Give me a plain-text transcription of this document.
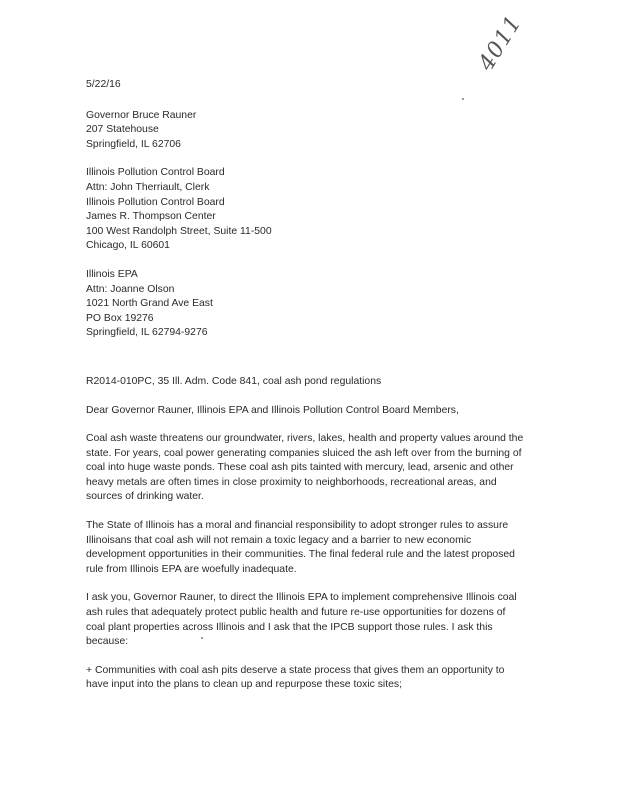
4011
5/22/16
Governor Bruce Rauner
207 Statehouse
Springfield, IL 62706
Illinois Pollution Control Board
Attn: John Therriault, Clerk
Illinois Pollution Control Board
James R. Thompson Center
100 West Randolph Street, Suite 11-500
Chicago, IL 60601
Illinois EPA
Attn: Joanne Olson
1021 North Grand Ave East
PO Box 19276
Springfield, IL 62794-9276
R2014-010PC, 35 Ill. Adm. Code 841, coal ash pond regulations
Dear Governor Rauner, Illinois EPA and Illinois Pollution Control Board Members,
Coal ash waste threatens our groundwater, rivers, lakes, health and property values around the
state. For years, coal power generating companies sluiced the ash left over from the burning of
coal into huge waste ponds. These coal ash pits tainted with mercury, lead, arsenic and other
heavy metals are often times in close proximity to neighborhoods, recreational areas, and
sources of drinking water.
The State of Illinois has a moral and financial responsibility to adopt stronger rules to assure
Illinoisans that coal ash will not remain a toxic legacy and a barrier to new economic
development opportunities in their communities. The final federal rule and the latest proposed
rule from Illinois EPA are woefully inadequate.
I ask you, Governor Rauner, to direct the Illinois EPA to implement comprehensive Illinois coal
ash rules that adequately protect public health and future re-use opportunities for dozens of
coal plant properties across Illinois and I ask that the IPCB support those rules. I ask this
because:
+ Communities with coal ash pits deserve a state process that gives them an opportunity to
have input into the plans to clean up and repurpose these toxic sites;
